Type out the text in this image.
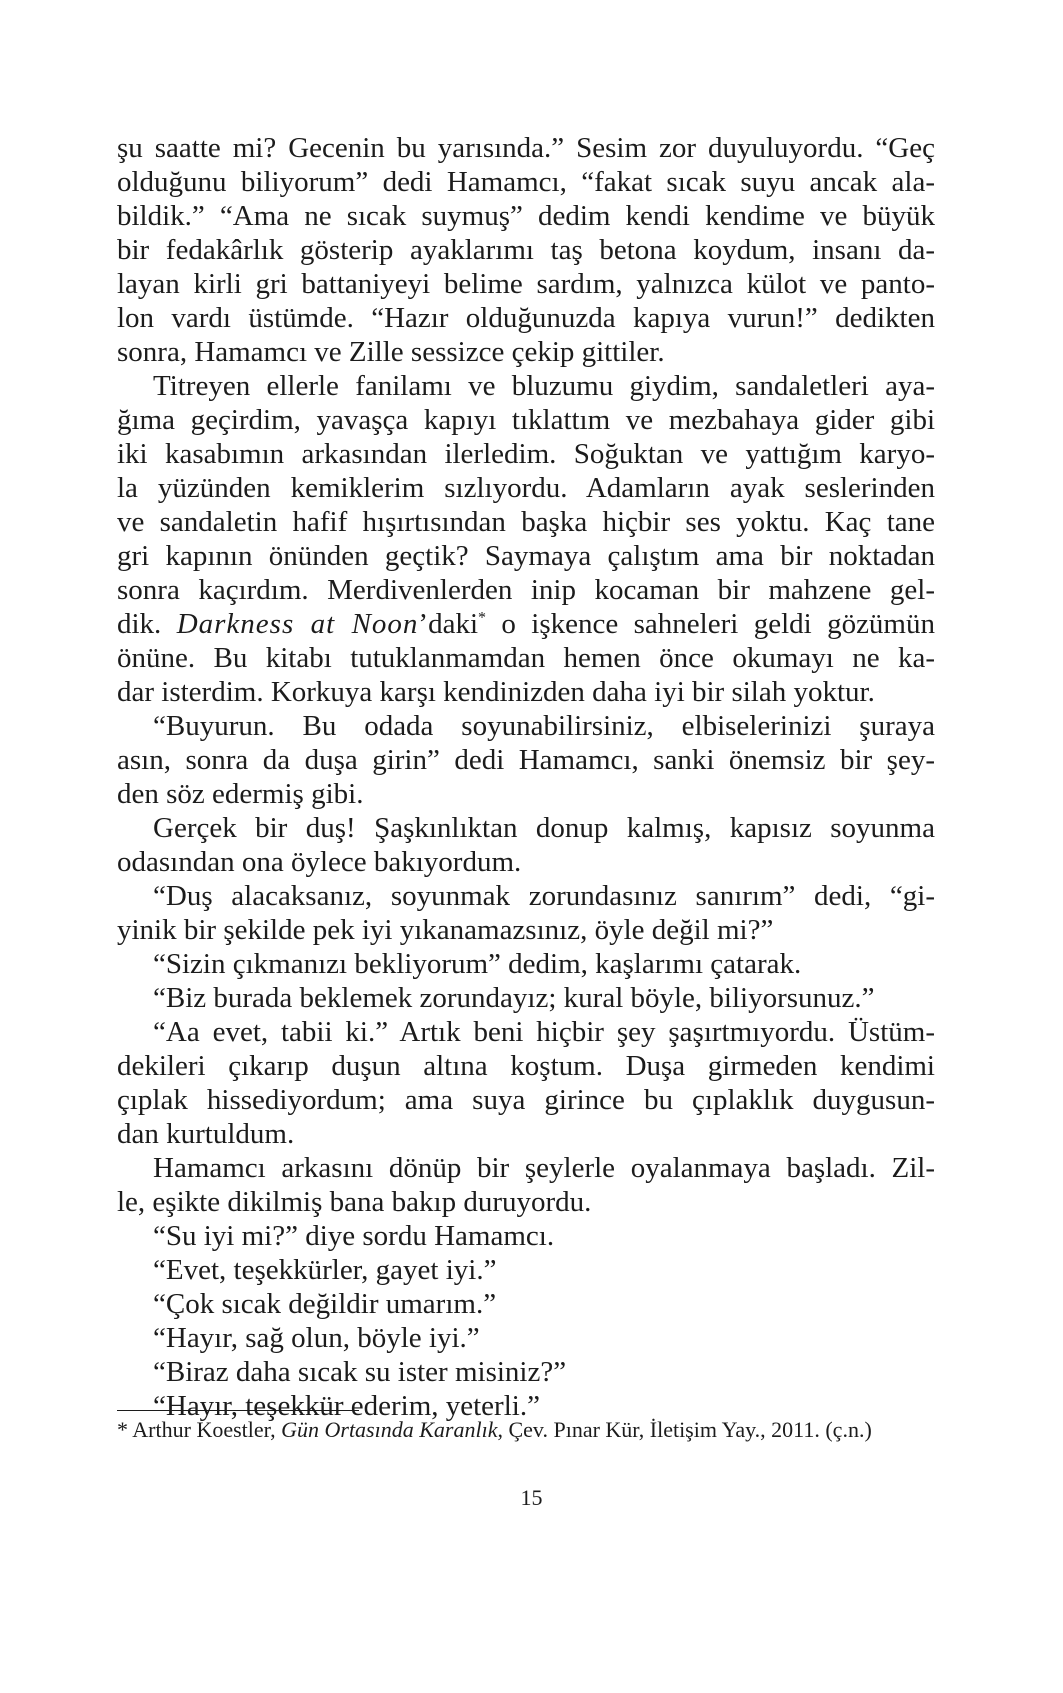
şu saatte mi? Gecenin bu yarısında.” Sesim zor duyuluyordu. “Geç
olduğunu biliyorum” dedi Hamamcı, “fakat sıcak suyu ancak ala-
bildik.” “Ama ne sıcak suymuş” dedim kendi kendime ve büyük
bir fedakârlık gösterip ayaklarımı taş betona koydum, insanı da-
layan kirli gri battaniyeyi belime sardım, yalnızca külot ve panto-
lon vardı üstümde. “Hazır olduğunuzda kapıya vurun!” dedikten
sonra, Hamamcı ve Zille sessizce çekip gittiler.
Titreyen ellerle fanilamı ve bluzumu giydim, sandaletleri aya-
ğıma geçirdim, yavaşça kapıyı tıklattım ve mezbahaya gider gibi
iki kasabımın arkasından ilerledim. Soğuktan ve yattığım karyo-
la yüzünden kemiklerim sızlıyordu. Adamların ayak seslerinden
ve sandaletin hafif hışırtısından başka hiçbir ses yoktu. Kaç tane
gri kapının önünden geçtik? Saymaya çalıştım ama bir noktadan
sonra kaçırdım. Merdivenlerden inip kocaman bir mahzene gel-
dik. Darkness at Noon’daki* o işkence sahneleri geldi gözümün
önüne. Bu kitabı tutuklanmamdan hemen önce okumayı ne ka-
dar isterdim. Korkuya karşı kendinizden daha iyi bir silah yoktur.
“Buyurun. Bu odada soyunabilirsiniz, elbiselerinizi şuraya
asın, sonra da duşa girin” dedi Hamamcı, sanki önemsiz bir şey-
den söz edermiş gibi.
Gerçek bir duş! Şaşkınlıktan donup kalmış, kapısız soyunma
odasından ona öylece bakıyordum.
“Duş alacaksanız, soyunmak zorundasınız sanırım” dedi, “gi-
yinik bir şekilde pek iyi yıkanamazsınız, öyle değil mi?”
“Sizin çıkmanızı bekliyorum” dedim, kaşlarımı çatarak.
“Biz burada beklemek zorundayız; kural böyle, biliyorsunuz.”
“Aa evet, tabii ki.” Artık beni hiçbir şey şaşırtmıyordu. Üstüm-
dekileri çıkarıp duşun altına koştum. Duşa girmeden kendimi
çıplak hissediyordum; ama suya girince bu çıplaklık duygusun-
dan kurtuldum.
Hamamcı arkasını dönüp bir şeylerle oyalanmaya başladı. Zil-
le, eşikte dikilmiş bana bakıp duruyordu.
“Su iyi mi?” diye sordu Hamamcı.
“Evet, teşekkürler, gayet iyi.”
“Çok sıcak değildir umarım.”
“Hayır, sağ olun, böyle iyi.”
“Biraz daha sıcak su ister misiniz?”
“Hayır, teşekkür ederim, yeterli.”
* Arthur Koestler, Gün Ortasında Karanlık, Çev. Pınar Kür, İletişim Yay., 2011. (ç.n.)
15
